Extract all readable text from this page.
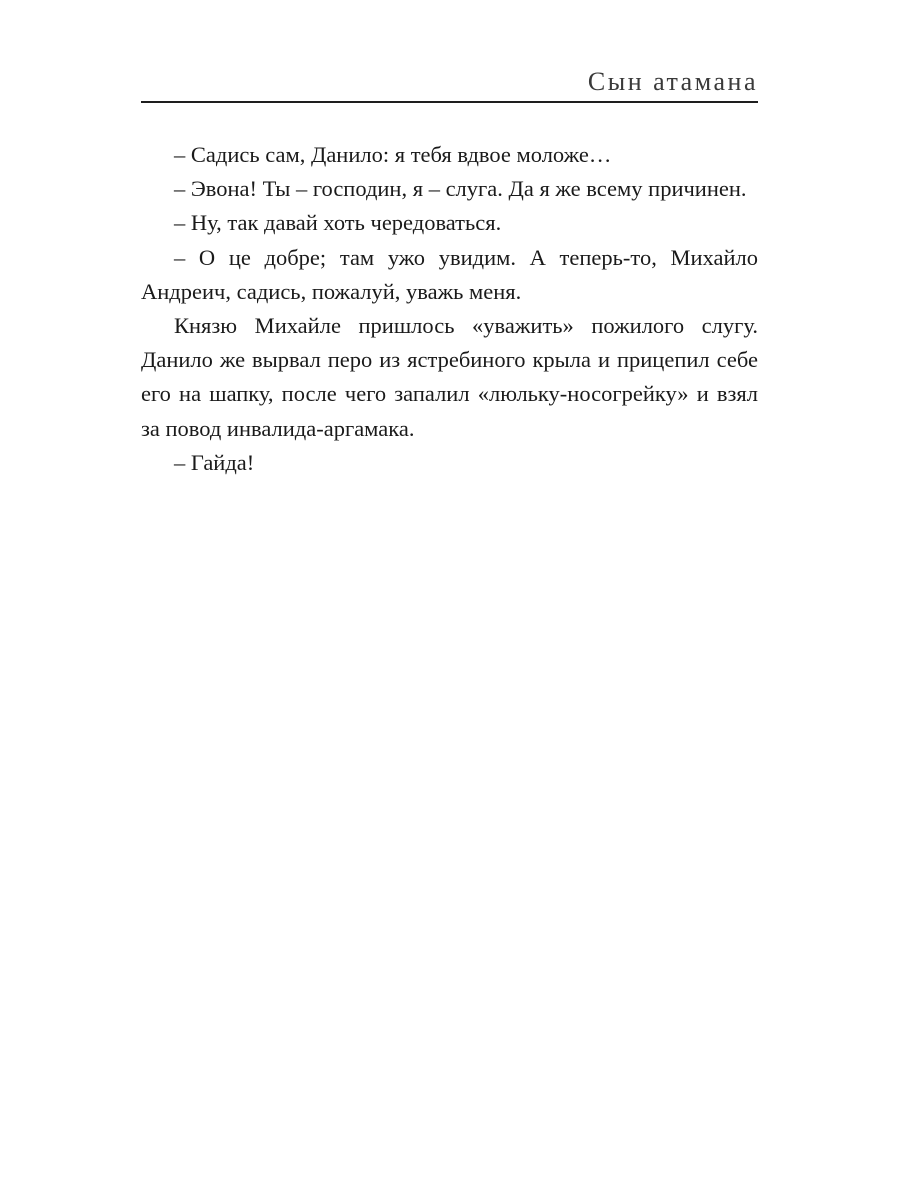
Сын атамана

– Садись сам, Данило: я тебя вдвое моложе…

– Эвона! Ты – господин, я – слуга. Да я же всему причинен.

– Ну, так давай хоть чередоваться.

– О це добре; там ужо увидим. А теперь-то, Михайло Андреич, садись, пожалуй, уважь меня.

Князю Михайле пришлось «уважить» пожилого слугу. Данило же вырвал перо из ястребиного крыла и прицепил себе его на шапку, после чего запалил «люльку-носогрейку» и взял за повод инвалида-аргамака.

– Гайда!
